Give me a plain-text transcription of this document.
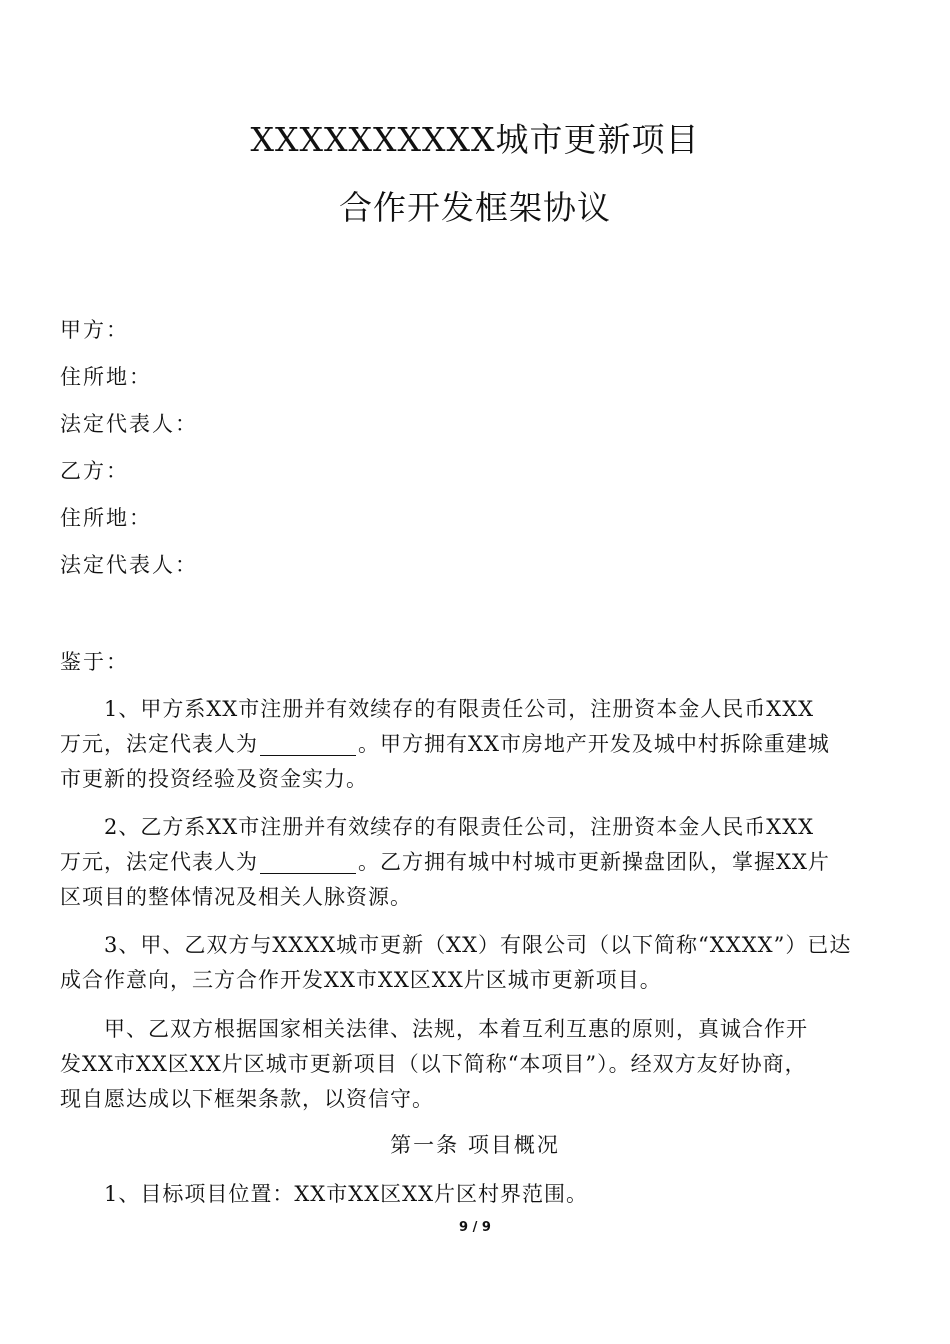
XXXXXXXXXX城市更新项目
合作开发框架协议
甲方：
住所地：
法定代表人：
乙方：
住所地：
法定代表人：
鉴于：
1、甲方系XX市注册并有效续存的有限责任公司，注册资本金人民币XXX
万元，法定代表人为	。甲方拥有XX市房地产开发及城中村拆除重建城
市更新的投资经验及资金实力。
2、乙方系XX市注册并有效续存的有限责任公司，注册资本金人民币XXX
万元，法定代表人为	。乙方拥有城中村城市更新操盘团队，掌握XX片
区项目的整体情况及相关人脉资源。
3、甲、乙双方与XXXX城市更新（XX）有限公司（以下简称“XXXX”）已达
成合作意向，三方合作开发XX市XX区XX片区城市更新项目。
甲、乙双方根据国家相关法律、法规，本着互利互惠的原则，真诚合作开
发XX市XX区XX片区城市更新项目（以下简称“本项目”）。经双方友好协商，
现自愿达成以下框架条款，以资信守。
第一条 项目概况
1、目标项目位置：XX市XX区XX片区村界范围。
9 / 9
